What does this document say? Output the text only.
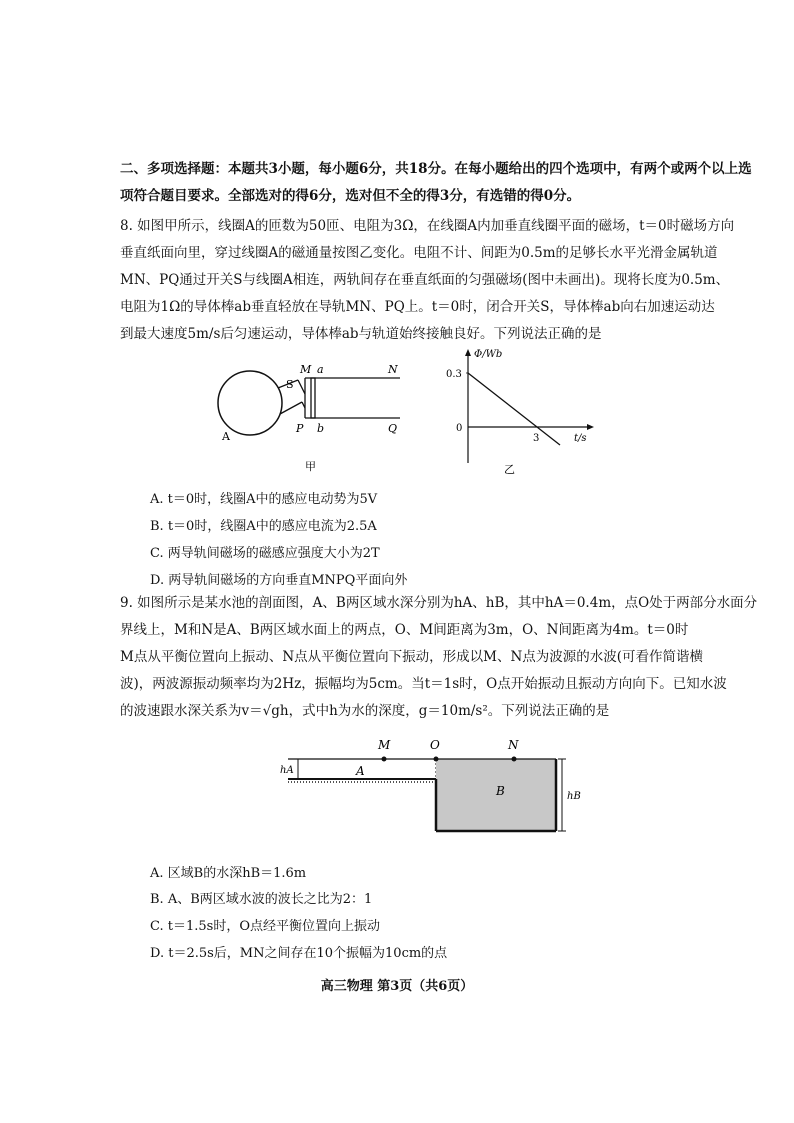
二、多项选择题：本题共3小题，每小题6分，共18分。在每小题给出的四个选项中，有两个或两个以上选
项符合题目要求。全部选对的得6分，选对但不全的得3分，有选错的得0分。
8. 如图甲所示，线圈A的匝数为50匝、电阻为3Ω，在线圈A内加垂直线圈平面的磁场，t＝0时磁场方向
垂直纸面向里，穿过线圈A的磁通量按图乙变化。电阻不计、间距为0.5m的足够长水平光滑金属轨道
MN、PQ通过开关S与线圈A相连，两轨间存在垂直纸面的匀强磁场(图中未画出)。现将长度为0.5m、
电阻为1Ω的导体棒ab垂直轻放在导轨MN、PQ上。t＝0时，闭合开关S，导体棒ab向右加速运动达
到最大速度5m/s后匀速运动，导体棒ab与轨道始终接触良好。下列说法正确的是
A
S
M a	N
P b	Q
甲
Φ/Wb
t/s
0.3
0
3
乙
A. t＝0时，线圈A中的感应电动势为5V
B. t＝0时，线圈A中的感应电流为2.5A
C. 两导轨间磁场的磁感应强度大小为2T
D. 两导轨间磁场的方向垂直MNPQ平面向外
9. 如图所示是某水池的剖面图，A、B两区域水深分别为hA、hB，其中hA＝0.4m，点O处于两部分水面分
界线上，M和N是A、B两区域水面上的两点，O、M间距离为3m，O、N间距离为4m。t＝0时
M点从平衡位置向上振动、N点从平衡位置向下振动，形成以M、N点为波源的水波(可看作简谐横
波)，两波源振动频率均为2Hz，振幅均为5cm。当t＝1s时，O点开始振动且振动方向向下。已知水波
的波速跟水深关系为v＝√gh，式中h为水的深度，g＝10m/s²。下列说法正确的是
M	O	N
A
B
hA
hB
A. 区域B的水深hB＝1.6m
B. A、B两区域水波的波长之比为2：1
C. t＝1.5s时，O点经平衡位置向上振动
D. t＝2.5s后，MN之间存在10个振幅为10cm的点
高三物理 第3页（共6页）
